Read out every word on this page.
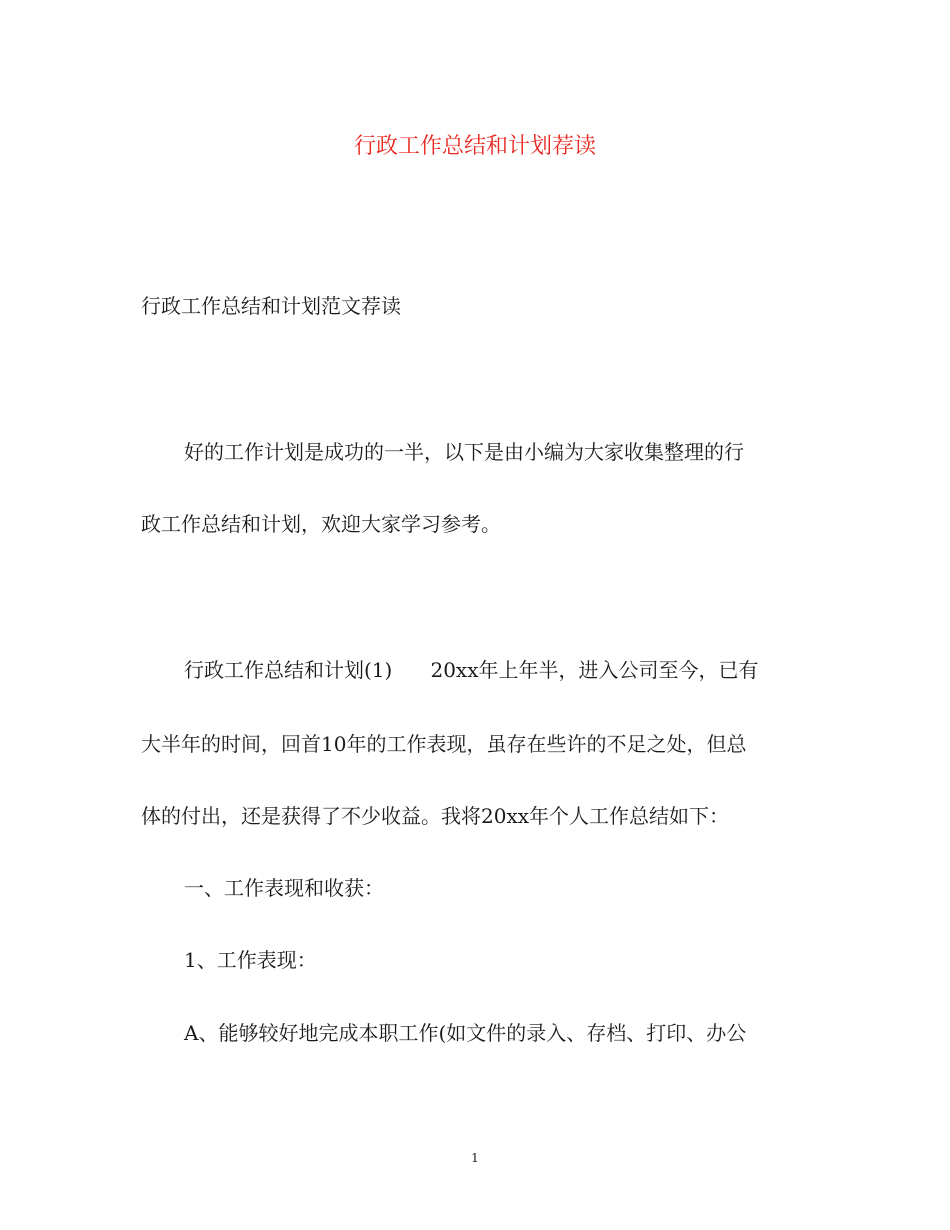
行政工作总结和计划荐读
行政工作总结和计划范文荐读
好的工作计划是成功的一半，以下是由小编为大家收集整理的行
政工作总结和计划，欢迎大家学习参考。
行政工作总结和计划(1)      20xx年上年半，进入公司至今，已有
大半年的时间，回首10年的工作表现，虽存在些许的不足之处，但总
体的付出，还是获得了不少收益。我将20xx年个人工作总结如下：
一、工作表现和收获：
1、工作表现：
A、能够较好地完成本职工作(如文件的录入、存档、打印、办公
1
